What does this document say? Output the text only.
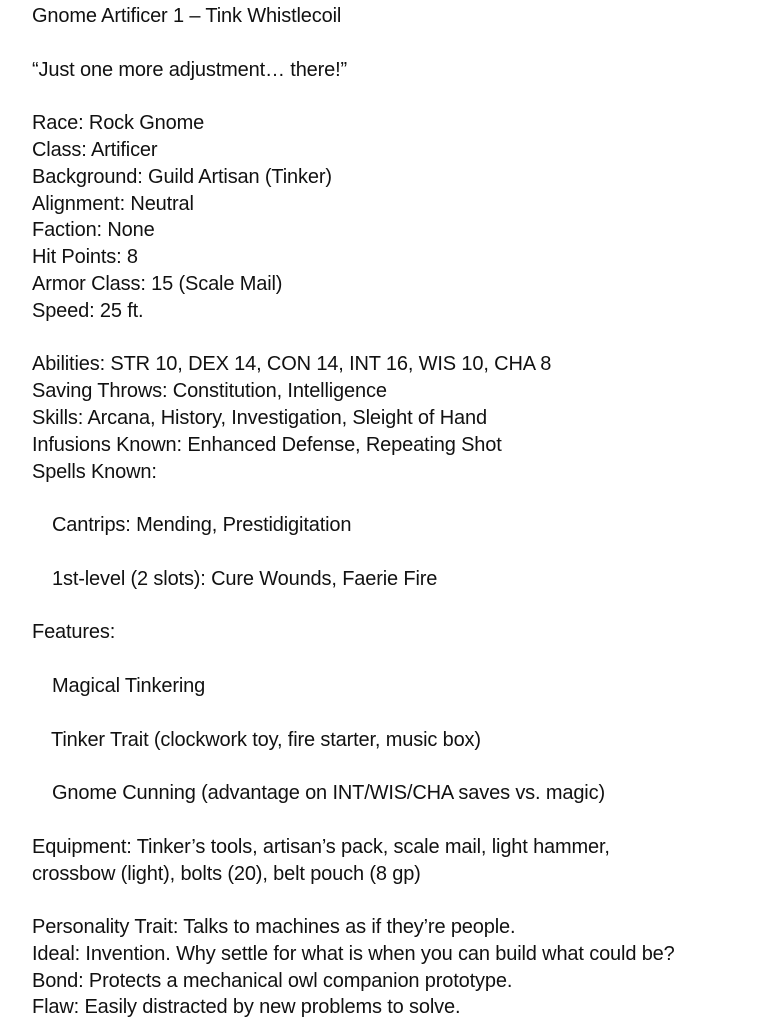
Gnome Artificer 1 – Tink Whistlecoil
“Just one more adjustment… there!”
Race: Rock Gnome
Class: Artificer
Background: Guild Artisan (Tinker)
Alignment: Neutral
Faction: None
Hit Points: 8
Armor Class: 15 (Scale Mail)
Speed: 25 ft.
Abilities: STR 10, DEX 14, CON 14, INT 16, WIS 10, CHA 8
Saving Throws: Constitution, Intelligence
Skills: Arcana, History, Investigation, Sleight of Hand
Infusions Known: Enhanced Defense, Repeating Shot
Spells Known:
Cantrips: Mending, Prestidigitation
1st-level (2 slots): Cure Wounds, Faerie Fire
Features:
Magical Tinkering
Tinker Trait (clockwork toy, fire starter, music box)
Gnome Cunning (advantage on INT/WIS/CHA saves vs. magic)
Equipment: Tinker’s tools, artisan’s pack, scale mail, light hammer,
crossbow (light), bolts (20), belt pouch (8 gp)
Personality Trait: Talks to machines as if they’re people.
Ideal: Invention. Why settle for what is when you can build what could be?
Bond: Protects a mechanical owl companion prototype.
Flaw: Easily distracted by new problems to solve.
